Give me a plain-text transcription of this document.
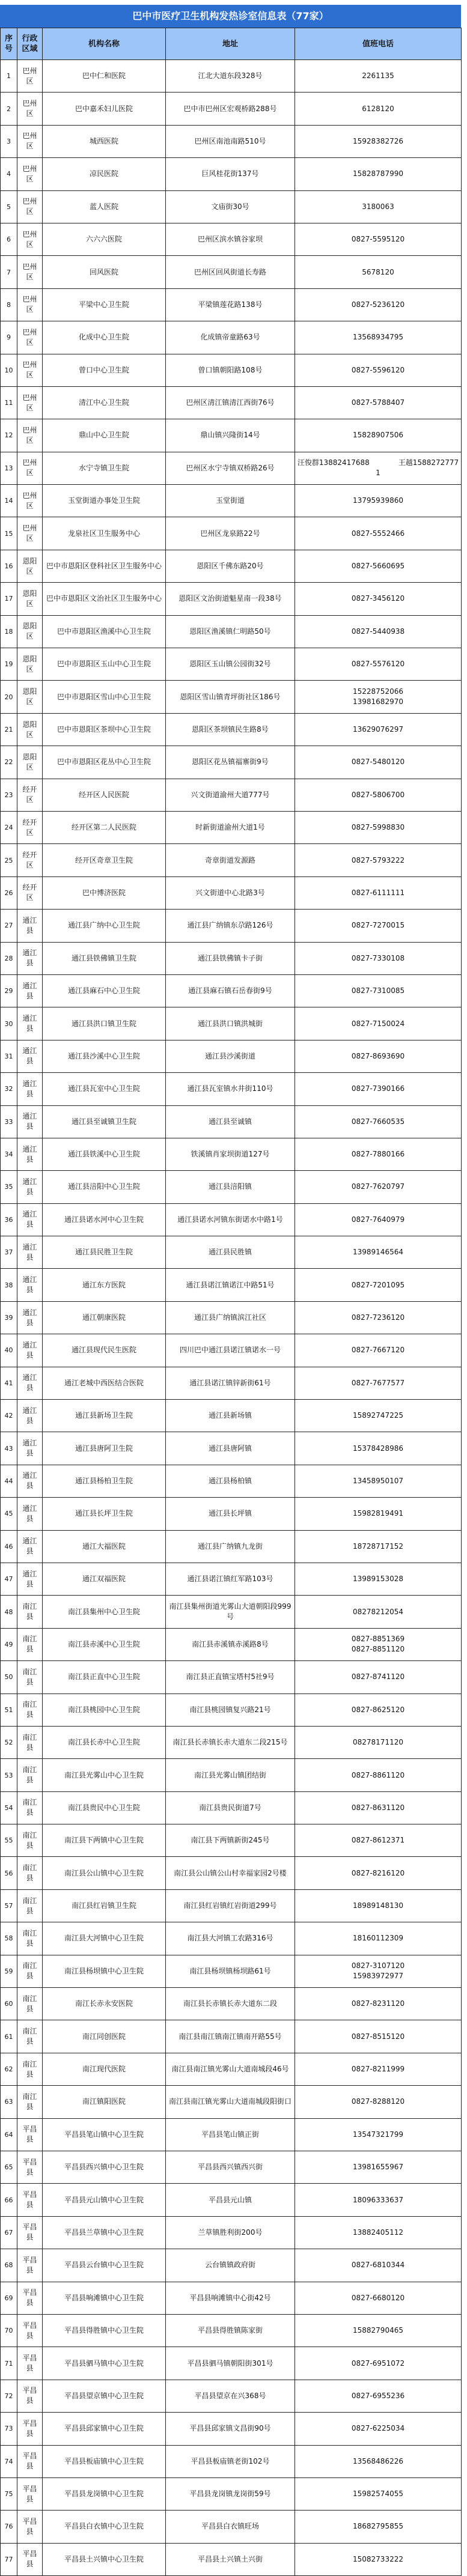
巴中市医疗卫生机构发热诊室信息表（77家）
序号	行政区域	机构名称	地址	值班电话
1	巴州区	巴中仁和医院	江北大道东段328号	2261135
2	巴州区	巴中嘉禾妇儿医院	巴中市巴州区宏观桥路288号	6128120
3	巴州区	城西医院	巴州区南池南路510号	15928382726
4	巴州区	凉民医院	巨风桂花街137号	15828787990
5	巴州区	蓝人医院	文庙街30号	3180063
6	巴州区	六六六医院	巴州区滨水镇谷家坝	0827-5595120
7	巴州区	回风医院	巴州区回风街道长寿路	5678120
8	巴州区	平梁中心卫生院	平梁镇莲花路138号	0827-5236120
9	巴州区	化成中心卫生院	化成镇帝童路63号	13568934795
10	巴州区	曾口中心卫生院	曾口镇朝阳路108号	0827-5596120
11	巴州区	清江中心卫生院	巴州区清江镇清江西街76号	0827-5788407
12	巴州区	鼎山中心卫生院	鼎山镇兴隆街14号	15828907506
13	巴州区	水宁寺镇卫生院	巴州区水宁寺镇双桥路26号	汪俊群13882417688　　　　王越15882727771
14	巴州区	玉堂街道办事处卫生院	玉堂街道	13795939860
15	巴州区	龙泉社区卫生服务中心	巴州区龙泉路22号	0827-5552466
16	恩阳区	巴中市恩阳区登科社区卫生服务中心	恩阳区千佛东路20号	0827-5660695
17	恩阳区	巴中市恩阳区文治社区卫生服务中心	恩阳区文治街道魁星南一段38号	0827-3456120
18	恩阳区	巴中市恩阳区渔溪中心卫生院	恩阳区渔溪镇仁明路50号	0827-5440938
19	恩阳区	巴中市恩阳区玉山中心卫生院	恩阳区玉山镇公园街32号	0827-5576120
20	恩阳区	巴中市恩阳区雪山中心卫生院	恩阳区雪山镇青坪街社区186号	15228752066
13981682970
21	恩阳区	巴中市恩阳区茶坝中心卫生院	恩阳区茶坝镇民生路8号	13629076297
22	恩阳区	巴中市恩阳区花丛中心卫生院	恩阳区花丛镇福寨街9号	0827-5480120
23	经开区	经开区人民医院	兴文街道渝州大道777号	0827-5806700
24	经开区	经开区第二人民医院	时新街道渝州大道1号	0827-5998830
25	经开区	经开区奇章卫生院	奇章街道发源路	0827-5793222
26	经开区	巴中博济医院	兴文街道中心北路3号	0827-6111111
27	通江县	通江县广纳中心卫生院	通江县广纳镇东尕路126号	0827-7270015
28	通江县	通江县铁佛镇卫生院	通江县铁佛镇卡子街	0827-7330108
29	通江县	通江县麻石中心卫生院	通江县麻石镇石岳春街9号	0827-7310085
30	通江县	通江县洪口镇卫生院	通江县洪口镇洪城街	0827-7150024
31	通江县	通江县沙溪中心卫生院	通江县沙溪街道	0827-8693690
32	通江县	通江县瓦室中心卫生院	通江县瓦室镇水井街110号	0827-7390166
33	通江县	通江县至诚镇卫生院	通江县至诚镇	0827-7660535
34	通江县	通江县铁溪中心卫生院	铁溪镇肖家坝街道127号	0827-7880166
35	通江县	通江县涪阳中心卫生院	通江县涪阳镇	0827-7620797
36	通江县	通江县诺水河中心卫生院	通江县诺水河镇东街诺水中路1号	0827-7640979
37	通江县	通江县民胜卫生院	通江县民胜镇	13989146564
38	通江县	通江东方医院	通江县诺江镇诺江中路51号	0827-7201095
39	通江县	通江朝康医院	通江县广纳镇滨江社区	0827-7236120
40	通江县	通江县现代民生医院	四川巴中通江县诺江镇诺水一号	0827-7667120
41	通江县	通江老城中西医结合医院	通江县诺江镇锌新街61号	0827-7677577
42	通江县	通江县新场卫生院	通江县新场镇	15892747225
43	通江县	通江县唐阿卫生院	通江县唐阿镇	15378428986
44	通江县	通江县杨柏卫生院	通江县杨柏镇	13458950107
45	通江县	通江县长坪卫生院	通江县长坪镇	15982819491
46	通江县	通江大福医院	通江县广纳镇九龙街	18728717152
47	通江县	通江双福医院	通江县诺江镇红军路103号	13989153028
48	南江县	南江县集州中心卫生院	南江县集州街道光雾山大道朝阳段999号	08278212054
49	南江县	南江县赤溪中心卫生院	南江县赤溪镇赤溪路8号	0827-8851369
0827-8851120
50	南江县	南江县正直中心卫生院	南江县正直镇宝塔村5社9号	0827-8741120
51	南江县	南江县桃园中心卫生院	南江县桃园镇复兴路21号	0827-8625120
52	南江县	南江县长赤中心卫生院	南江县长赤镇长赤大道东二段215号	08278171120
53	南江县	南江县光雾山中心卫生院	南江县光雾山镇团结街	0827-8861120
54	南江县	南江县贵民中心卫生院	南江县贵民街道7号	0827-8631120
55	南江县	南江县下两镇中心卫生院	南江县下两镇新街245号	0827-8612371
56	南江县	南江县公山镇中心卫生院	南江县公山镇公山村幸福家园2号楼	0827-8216120
57	南江县	南江县红岩镇卫生院	南江县红岩镇红岩街道299号	18989148130
58	南江县	南江县大河镇中心卫生院	南江县大河镇工农路316号	18160112309
59	南江县	南江县杨坝镇中心卫生院	南江县杨坝镇杨坝路61号	0827-3107120
15983972977
60	南江县	南江长赤永安医院	南江县长赤镇长赤大道东二段	0827-8231120
61	南江县	南江同创医院	南江县南江镇南江镇南开路55号	0827-8515120
62	南江县	南江现代医院	南江县南江镇光雾山大道南城段46号	0827-8211999
63	南江县	南江镇阳医院	南江县南江镇光雾山大道南城段阳街口	0827-8288120
64	平昌县	平昌县笔山镇中心卫生院	平昌县笔山镇正街	13547321799
65	平昌县	平昌县西兴镇中心卫生院	平昌县西兴镇西兴街	13981655967
66	平昌县	平昌县元山镇中心卫生院	平昌县元山镇	18096333637
67	平昌县	平昌县兰草镇中心卫生院	兰草镇胜利街200号	13882405112
68	平昌县	平昌县云台镇中心卫生院	云台镇镇政府街	0827-6810344
69	平昌县	平昌县响滩镇中心卫生院	平昌县响滩镇中心街42号	0827-6680120
70	平昌县	平昌县得胜镇中心卫生院	平昌县得胜镇陈家街	15882790465
71	平昌县	平昌县驷马镇中心卫生院	平昌县驷马镇朝阳街301号	0827-6951072
72	平昌县	平昌县望京镇中心卫生院	平昌县望京在兴368号	0827-6955236
73	平昌县	平昌县邱家镇中心卫生院	平昌县邱家镇文昌街90号	0827-6225034
74	平昌县	平昌县板庙镇中心卫生院	平昌县板庙镇老街102号	13568486226
75	平昌县	平昌县龙岗镇中心卫生院	平昌县龙岗镇龙岗街59号	15982574055
76	平昌县	平昌县白衣镇中心卫生院	平昌县白衣镇旺场	18682795855
77	平昌县	平昌县土兴镇中心卫生院	平昌县土兴镇土兴街	15082733222
